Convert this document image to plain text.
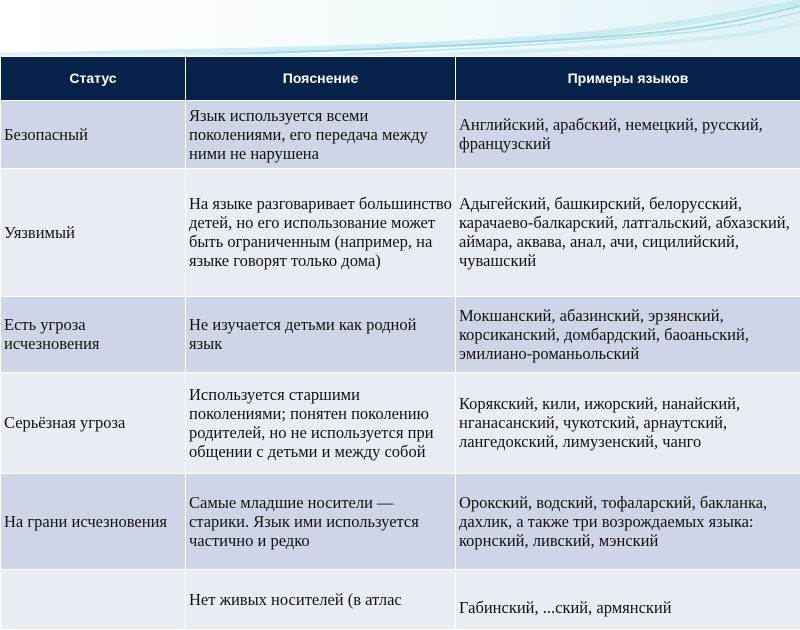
Статус	Пояснение	Примеры языков
Безопасный	Язык используется всеми поколениями, его передача между ними не нарушена	Английский, арабский, немецкий, русский, французский
Уязвимый	На языке разговаривает большинство детей, но его использование может быть ограниченным (например, на языке говорят только дома)	Адыгейский, башкирский, белорусский, карачаево-балкарский, латгальский, абхазский, аймара, аквава, анал, ачи, сицилийский, чувашский
Есть угроза исчезновения	Не изучается детьми как родной язык	Мокшанский, абазинский, эрзянский, корсиканский, домбардский, баоаньский, эмилиано-романьольский
Серьёзная угроза	Используется старшими поколениями; понятен поколению родителей, но не используется при общении с детьми и между собой	Корякский, кили, ижорский, нанайский, нганасанский, чукотский, арнаутский, лангедокский, лимузенский, чанго
На грани исчезновения	Самые младшие носители — старики. Язык ими используется частично и редко	Орокский, водский, тофаларский, бакланка, дахлик, а также три возрождаемых языка: корнский, ливский, мэнский
	Нет живых носителей (в атлас	Габинский, ...ский, армянский
